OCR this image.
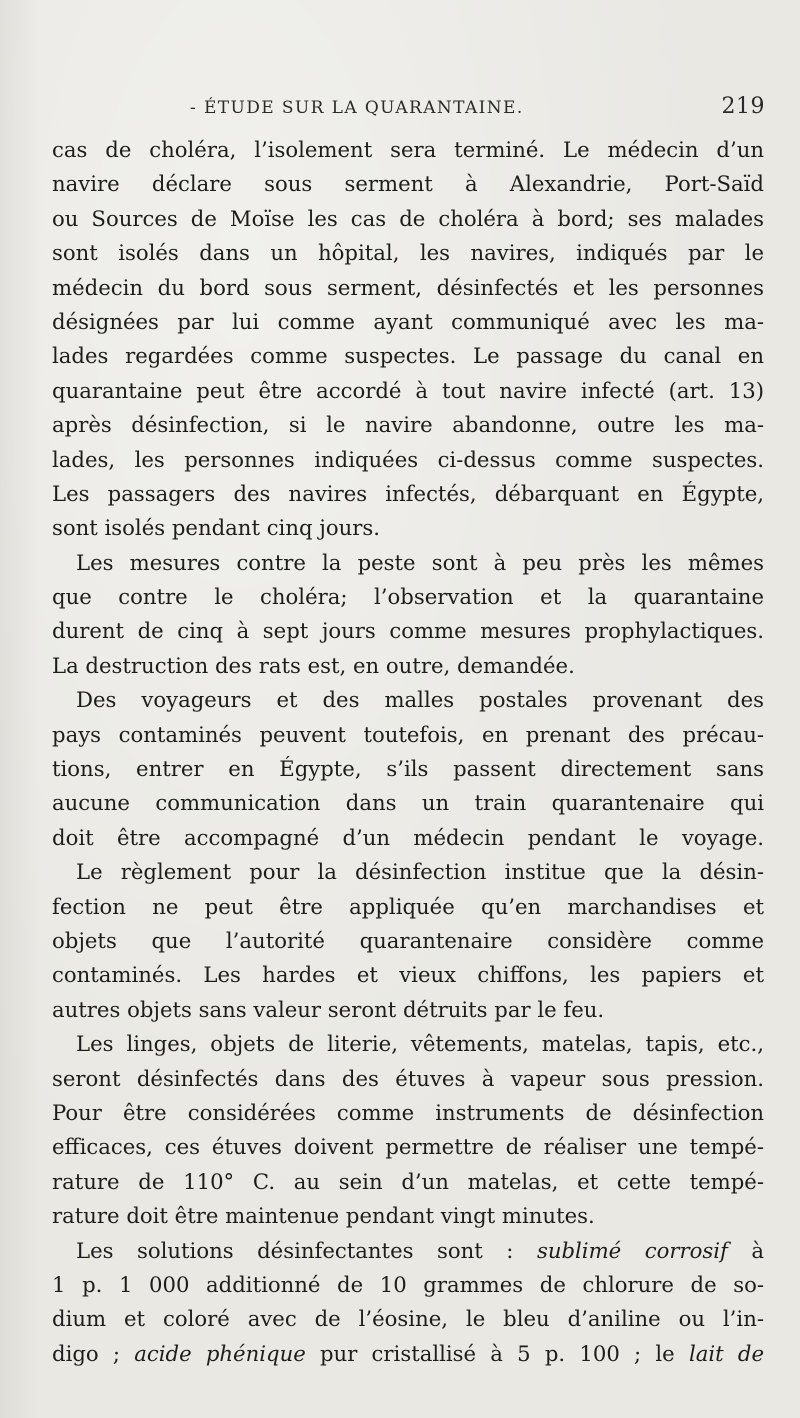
- ÉTUDE SUR LA QUARANTAINE.	219
cas de choléra, l’isolement sera terminé. Le médecin d’un
navire déclare sous serment à Alexandrie, Port-Saïd
ou Sources de Moïse les cas de choléra à bord; ses malades
sont isolés dans un hôpital, les navires, indiqués par le
médecin du bord sous serment, désinfectés et les personnes
désignées par lui comme ayant communiqué avec les ma-
lades regardées comme suspectes. Le passage du canal en
quarantaine peut être accordé à tout navire infecté (art. 13)
après désinfection, si le navire abandonne, outre les ma-
lades, les personnes indiquées ci-dessus comme suspectes.
Les passagers des navires infectés, débarquant en Égypte,
sont isolés pendant cinq jours.
Les mesures contre la peste sont à peu près les mêmes
que contre le choléra; l’observation et la quarantaine
durent de cinq à sept jours comme mesures prophylactiques.
La destruction des rats est, en outre, demandée.
Des voyageurs et des malles postales provenant des
pays contaminés peuvent toutefois, en prenant des précau-
tions, entrer en Égypte, s’ils passent directement sans
aucune communication dans un train quarantenaire qui
doit être accompagné d’un médecin pendant le voyage.
Le règlement pour la désinfection institue que la désin-
fection ne peut être appliquée qu’en marchandises et
objets que l’autorité quarantenaire considère comme
contaminés. Les hardes et vieux chiffons, les papiers et
autres objets sans valeur seront détruits par le feu.
Les linges, objets de literie, vêtements, matelas, tapis, etc.,
seront désinfectés dans des étuves à vapeur sous pression.
Pour être considérées comme instruments de désinfection
efficaces, ces étuves doivent permettre de réaliser une tempé-
rature de 110° C. au sein d’un matelas, et cette tempé-
rature doit être maintenue pendant vingt minutes.
Les solutions désinfectantes sont : sublimé corrosif à
1 p. 1 000 additionné de 10 grammes de chlorure de so-
dium et coloré avec de l’éosine, le bleu d’aniline ou l’in-
digo ; acide phénique pur cristallisé à 5 p. 100 ; le lait de
